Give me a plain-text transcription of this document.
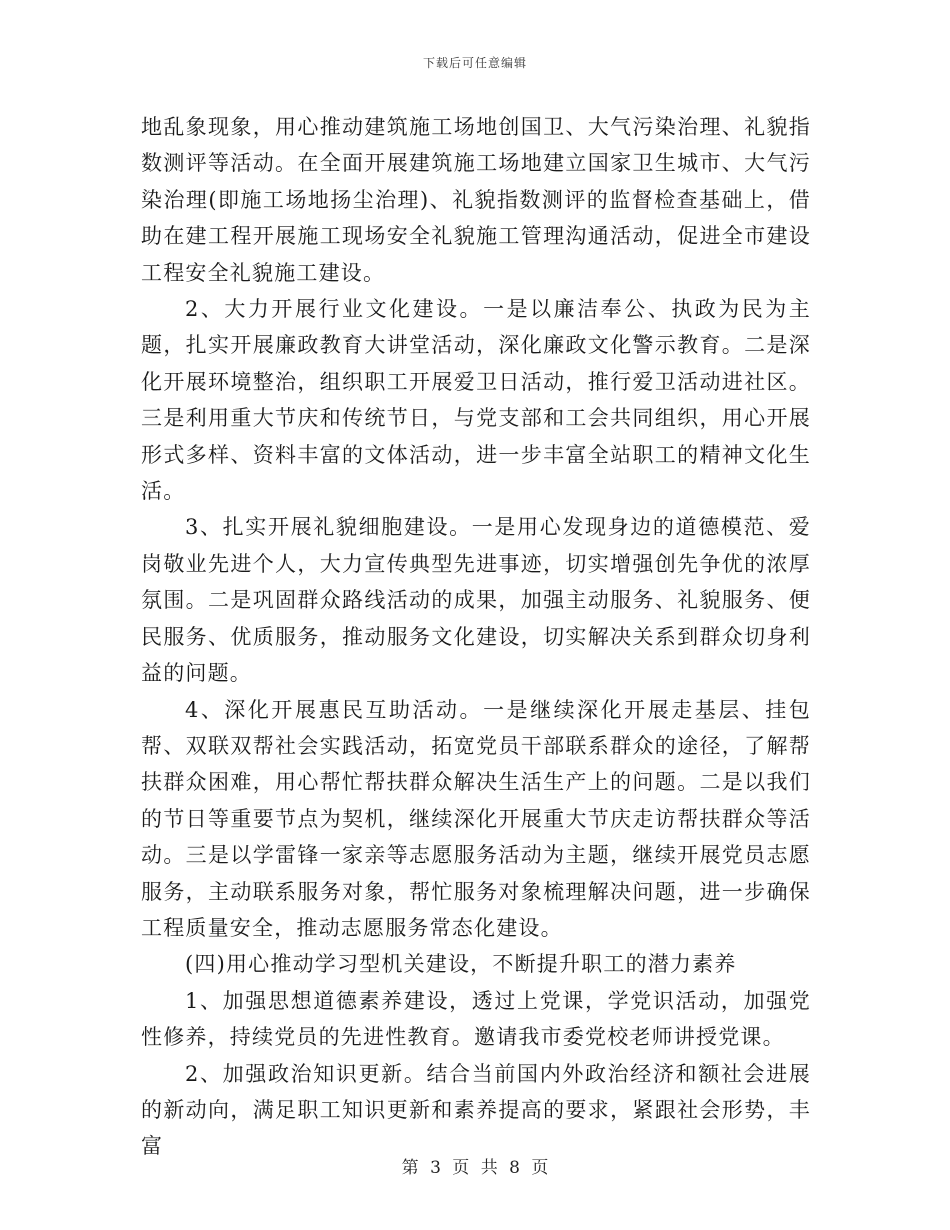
下载后可任意编辑

地乱象现象，用心推动建筑施工场地创国卫、大气污染治理、礼貌指数测评等活动。在全面开展建筑施工场地建立国家卫生城市、大气污染治理(即施工场地扬尘治理)、礼貌指数测评的监督检查基础上，借助在建工程开展施工现场安全礼貌施工管理沟通活动，促进全市建设工程安全礼貌施工建设。

2、大力开展行业文化建设。一是以廉洁奉公、执政为民为主题，扎实开展廉政教育大讲堂活动，深化廉政文化警示教育。二是深化开展环境整治，组织职工开展爱卫日活动，推行爱卫活动进社区。三是利用重大节庆和传统节日，与党支部和工会共同组织，用心开展形式多样、资料丰富的文体活动，进一步丰富全站职工的精神文化生活。

3、扎实开展礼貌细胞建设。一是用心发现身边的道德模范、爱岗敬业先进个人，大力宣传典型先进事迹，切实增强创先争优的浓厚氛围。二是巩固群众路线活动的成果，加强主动服务、礼貌服务、便民服务、优质服务，推动服务文化建设，切实解决关系到群众切身利益的问题。

4、深化开展惠民互助活动。一是继续深化开展走基层、挂包帮、双联双帮社会实践活动，拓宽党员干部联系群众的途径，了解帮扶群众困难，用心帮忙帮扶群众解决生活生产上的问题。二是以我们的节日等重要节点为契机，继续深化开展重大节庆走访帮扶群众等活动。三是以学雷锋一家亲等志愿服务活动为主题，继续开展党员志愿服务，主动联系服务对象，帮忙服务对象梳理解决问题，进一步确保工程质量安全，推动志愿服务常态化建设。

(四)用心推动学习型机关建设，不断提升职工的潜力素养

1、加强思想道德素养建设，透过上党课，学党识活动，加强党性修养，持续党员的先进性教育。邀请我市委党校老师讲授党课。

2、加强政治知识更新。结合当前国内外政治经济和额社会进展的新动向，满足职工知识更新和素养提高的要求，紧跟社会形势，丰富

第 3 页 共 8 页
